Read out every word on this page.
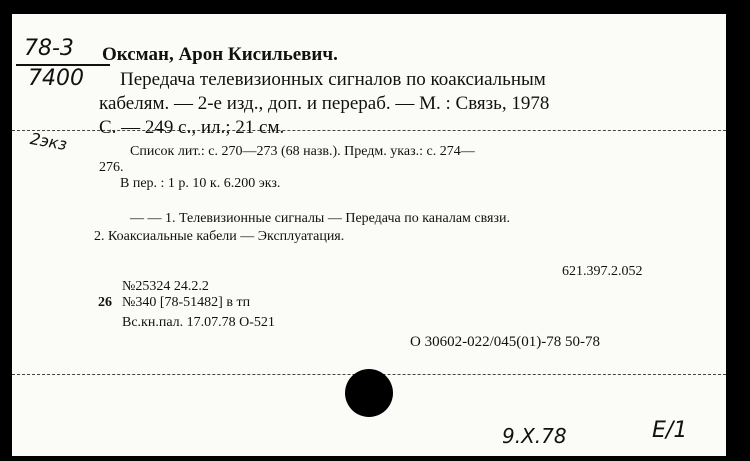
78-3
7400
2экз
Оксман, Арон Кисильевич.
Передача телевизионных сигналов по коаксиальным
кабелям. — 2-е изд., доп. и перераб. — М. : Связь, 1978
С. — 249 с., ил.; 21 см.
Список лит.: с. 270—273 (68 назв.). Предм. указ.: с. 274—
276.
В пер. : 1 р. 10 к. 6.200 экз.
— — 1. Телевизионные сигналы — Передача по каналам связи.
2. Коаксиальные кабели — Эксплуатация.
621.397.2.052
№25324 24.2.2
26 №340 [78-51482] в тп
Вс.кн.пал. 17.07.78 О-521
О 30602-022/045(01)-78 50-78
9.X.78	E/1
